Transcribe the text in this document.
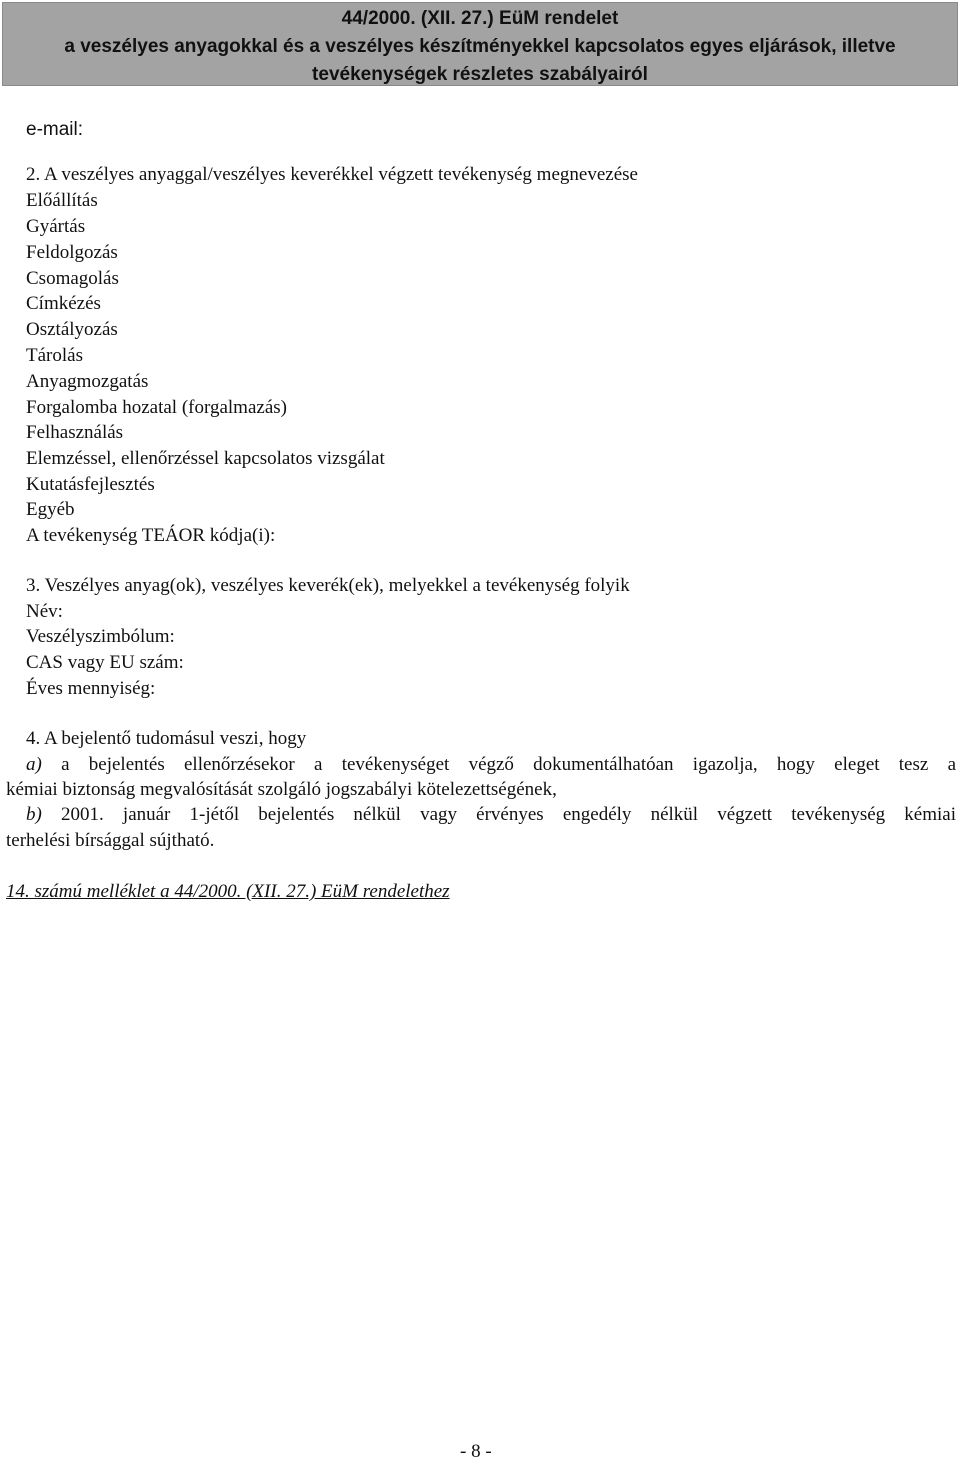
44/2000. (XII. 27.) EüM rendelet
a veszélyes anyagokkal és a veszélyes készítményekkel kapcsolatos egyes eljárások, illetve
tevékenységek részletes szabályairól
e-mail:
2. A veszélyes anyaggal/veszélyes keverékkel végzett tevékenység megnevezése
Előállítás
Gyártás
Feldolgozás
Csomagolás
Címkézés
Osztályozás
Tárolás
Anyagmozgatás
Forgalomba hozatal (forgalmazás)
Felhasználás
Elemzéssel, ellenőrzéssel kapcsolatos vizsgálat
Kutatásfejlesztés
Egyéb
A tevékenység TEÁOR kódja(i):
3. Veszélyes anyag(ok), veszélyes keverék(ek), melyekkel a tevékenység folyik
Név:
Veszélyszimbólum:
CAS vagy EU szám:
Éves mennyiség:
4. A bejelentő tudomásul veszi, hogy
a) a bejelentés ellenőrzésekor a tevékenységet végző dokumentálhatóan igazolja, hogy eleget tesz a
kémiai biztonság megvalósítását szolgáló jogszabályi kötelezettségének,
b) 2001. január 1-jétől bejelentés nélkül vagy érvényes engedély nélkül végzett tevékenység kémiai
terhelési bírsággal sújtható.
14. számú melléklet a 44/2000. (XII. 27.) EüM rendelethez
- 8 -
